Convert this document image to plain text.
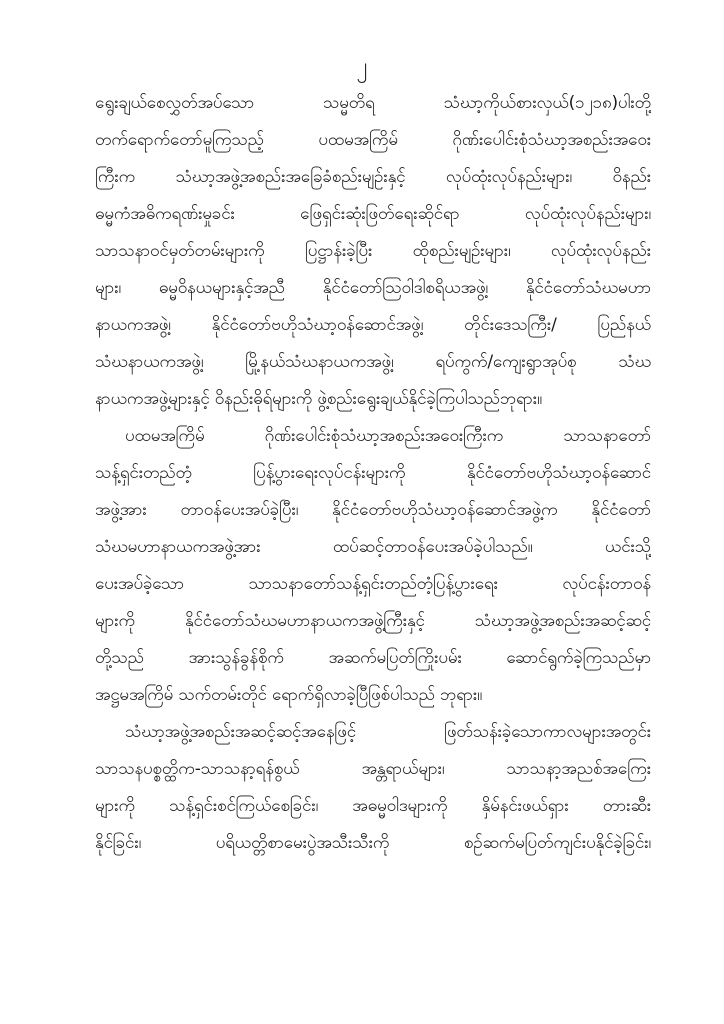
၂
ရွေးချယ်စေလွှတ်အပ်သော သမ္မတိရ သံဃာ့ကိုယ်စားလှယ်(၁၂၁၈)ပါးတို့
တက်ရောက်တော်မူကြသည့် ပထမအကြိမ် ဂိုဏ်းပေါင်းစုံသံဃာ့အစည်းအဝေး
ကြီးက သံဃာ့အဖွဲ့အစည်းအခြေခံစည်းမျဉ်းနှင့် လုပ်ထုံးလုပ်နည်းများ၊ ဝိနည်း
ဓမ္မကံအဓိကရဏ်းမှုခင်း ဖြေရှင်းဆုံးဖြတ်ရေးဆိုင်ရာ လုပ်ထုံးလုပ်နည်းများ၊
သာသနာဝင်မှတ်တမ်းများကို ပြဋ္ဌာန်းခဲ့ပြီး ထိုစည်းမျဉ်းများ၊ လုပ်ထုံးလုပ်နည်း
များ၊ ဓမ္မဝိနယများနှင့်အညီ နိုင်ငံတော်သြဝါဒါစရိယအဖွဲ့၊ နိုင်ငံတော်သံဃမဟာ
နာယကအဖွဲ့၊ နိုင်ငံတော်ဗဟိုသံဃာ့ဝန်ဆောင်အဖွဲ့၊ တိုင်းဒေသကြီး/ ပြည်နယ်
သံဃနာယကအဖွဲ့၊ မြို့နယ်သံဃနာယကအဖွဲ့၊ ရပ်ကွက်/ကျေးရွာအုပ်စု သံဃ
နာယကအဖွဲ့များနှင့် ဝိနည်းဓိုရ်များကို ဖွဲ့စည်းရွေးချယ်နိုင်ခဲ့ကြပါသည်ဘုရား။
ပထမအကြိမ် ဂိုဏ်းပေါင်းစုံသံဃာ့အစည်းအဝေးကြီးက သာသနာတော်
သန့်ရှင်းတည်တံ့ ပြန့်ပွားရေးလုပ်ငန်းများကို နိုင်ငံတော်ဗဟိုသံဃာ့ဝန်ဆောင်
အဖွဲ့အား တာဝန်ပေးအပ်ခဲ့ပြီး၊ နိုင်ငံတော်ဗဟိုသံဃာ့ဝန်ဆောင်အဖွဲ့က နိုင်ငံတော်
သံဃမဟာနာယကအဖွဲ့အား ထပ်ဆင့်တာဝန်ပေးအပ်ခဲ့ပါသည်။ ယင်းသို့
ပေးအပ်ခဲ့သော သာသနာတော်သန့်ရှင်းတည်တံ့ပြန့်ပွားရေး လုပ်ငန်းတာဝန်
များကို နိုင်ငံတော်သံဃမဟာနာယကအဖွဲ့ကြီးနှင့် သံဃာ့အဖွဲ့အစည်းအဆင့်ဆင့်
တို့သည် အားသွန်ခွန်စိုက် အဆက်မပြတ်ကြိုးပမ်း ဆောင်ရွက်ခဲ့ကြသည်မှာ
အဋ္ဌမအကြိမ် သက်တမ်းတိုင် ရောက်ရှိလာခဲ့ပြီဖြစ်ပါသည် ဘုရား။
သံဃာ့အဖွဲ့အစည်းအဆင့်ဆင့်အနေဖြင့် ဖြတ်သန်းခဲ့သောကာလများအတွင်း
သာသနပစ္စတ္ထိက-သာသနာ့ရန်စွယ် အန္တရာယ်များ၊ သာသနာ့အညစ်အကြေး
များကို သန့်ရှင်းစင်ကြယ်စေခြင်း၊ အဓမ္မဝါဒများကို နှိမ်နင်းဖယ်ရှား တားဆီး
နိုင်ခြင်း၊ ပရိယတ္တိစာမေးပွဲအသီးသီးကို စဉ်ဆက်မပြတ်ကျင်းပနိုင်ခဲ့ခြင်း၊
